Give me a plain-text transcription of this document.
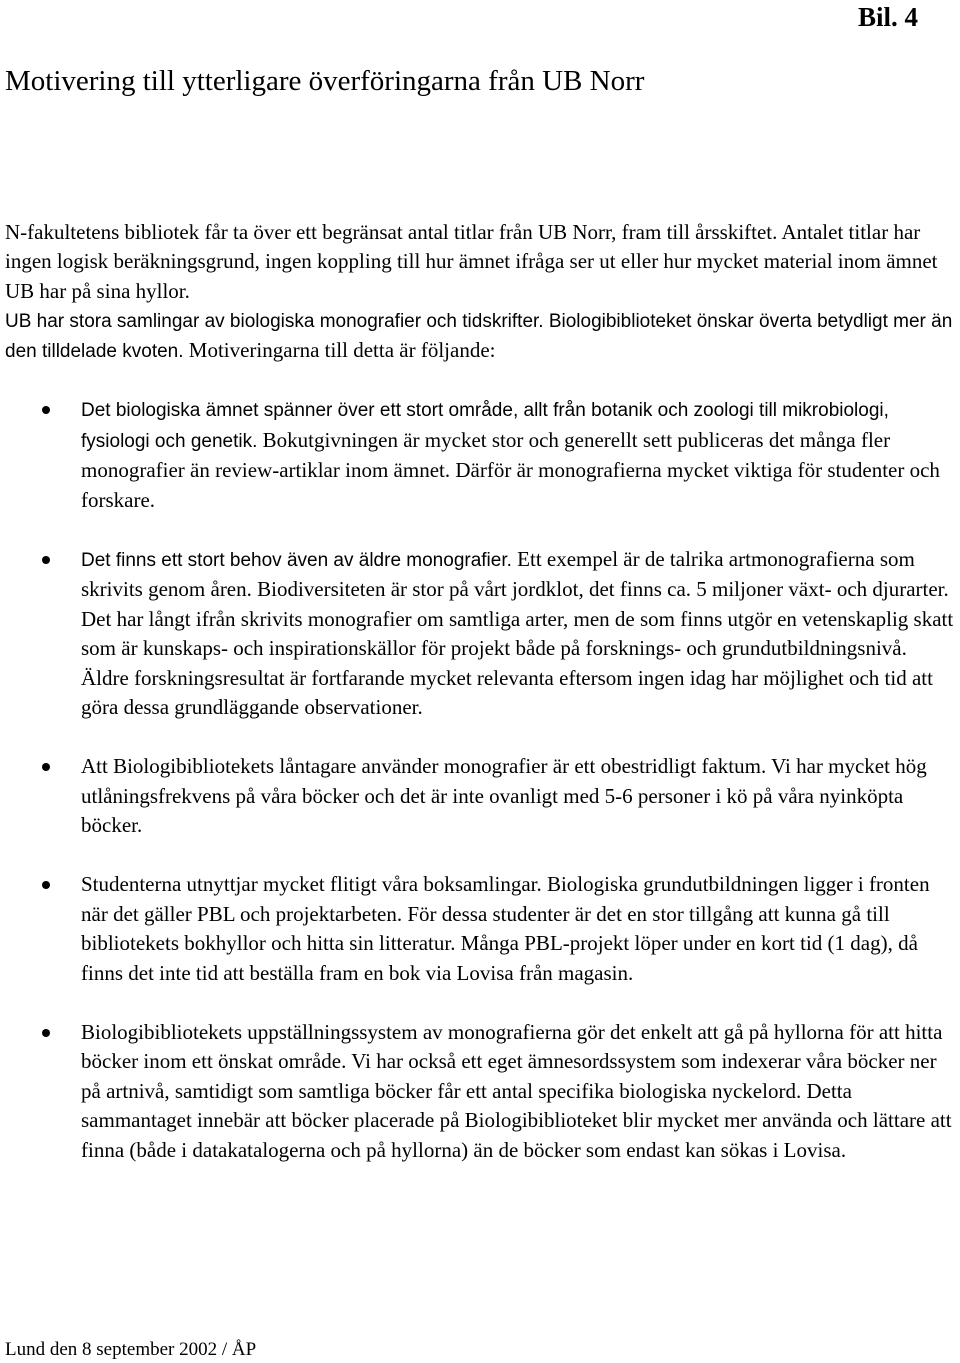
Bil. 4
Motivering till ytterligare överföringarna från UB Norr

N-fakultetens bibliotek får ta över ett begränsat antal titlar från UB Norr, fram till årsskiftet. Antalet titlar har ingen logisk beräkningsgrund, ingen koppling till hur ämnet ifråga ser ut eller hur mycket material inom ämnet UB har på sina hyllor.
UB har stora samlingar av biologiska monografier och tidskrifter. Biologibiblioteket önskar överta betydligt mer än den tilldelade kvoten. Motiveringarna till detta är följande:

Det biologiska ämnet spänner över ett stort område, allt från botanik och zoologi till mikrobiologi, fysiologi och genetik. Bokutgivningen är mycket stor och generellt sett publiceras det många fler monografier än review-artiklar inom ämnet. Därför är monografierna mycket viktiga för studenter och forskare.
Det finns ett stort behov även av äldre monografier. Ett exempel är de talrika artmonografierna som skrivits genom åren. Biodiversiteten är stor på vårt jordklot, det finns ca. 5 miljoner växt- och djurarter. Det har långt ifrån skrivits monografier om samtliga arter, men de som finns utgör en vetenskaplig skatt som är kunskaps- och inspirationskällor för projekt både på forsknings- och grundutbildningsnivå. Äldre forskningsresultat är fortfarande mycket relevanta eftersom ingen idag har möjlighet och tid att göra dessa grundläggande observationer.
Att Biologibibliotekets låntagare använder monografier är ett obestridligt faktum. Vi har mycket hög utlåningsfrekvens på våra böcker och det är inte ovanligt med 5-6 personer i kö på våra nyinköpta böcker.
Studenterna utnyttjar mycket flitigt våra boksamlingar. Biologiska grundutbildningen ligger i fronten när det gäller PBL och projektarbeten. För dessa studenter är det en stor tillgång att kunna gå till bibliotekets bokhyllor och hitta sin litteratur. Många PBL-projekt löper under en kort tid (1 dag), då finns det inte tid att beställa fram en bok via Lovisa från magasin.
Biologibibliotekets uppställningssystem av monografierna gör det enkelt att gå på hyllorna för att hitta böcker inom ett önskat område. Vi har också ett eget ämnesordssystem som indexerar våra böcker ner på artnivå, samtidigt som samtliga böcker får ett antal specifika biologiska nyckelord. Detta sammantaget innebär att böcker placerade på Biologibiblioteket blir mycket mer använda och lättare att finna (både i datakatalogerna och på hyllorna) än de böcker som endast kan sökas i Lovisa.
Lund den 8 september 2002 / ÅP
